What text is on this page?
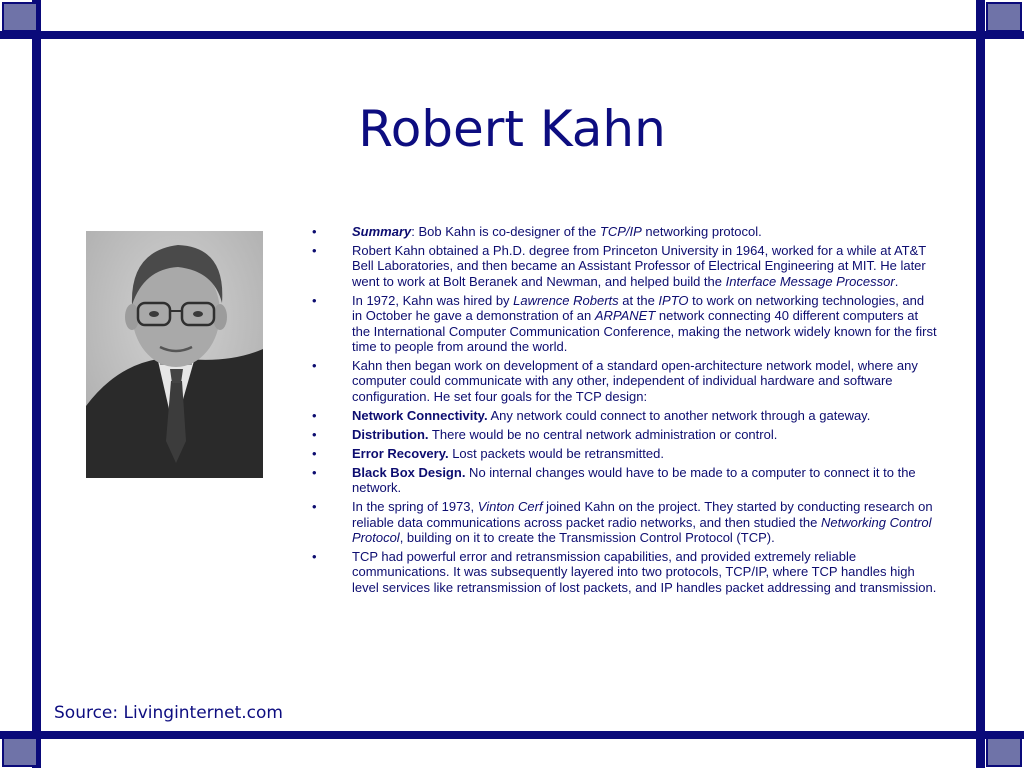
Robert Kahn
• Summary: Bob Kahn is co-designer of the TCP/IP networking protocol.
• Robert Kahn obtained a Ph.D. degree from Princeton University in 1964, worked for a while at AT&T Bell Laboratories, and then became an Assistant Professor of Electrical Engineering at MIT. He later went to work at Bolt Beranek and Newman, and helped build the Interface Message Processor.
• In 1972, Kahn was hired by Lawrence Roberts at the IPTO to work on networking technologies, and in October he gave a demonstration of an ARPANET network connecting 40 different computers at the International Computer Communication Conference, making the network widely known for the first time to people from around the world.
• Kahn then began work on development of a standard open-architecture network model, where any computer could communicate with any other, independent of individual hardware and software configuration. He set four goals for the TCP design:
• Network Connectivity. Any network could connect to another network through a gateway.
• Distribution. There would be no central network administration or control.
• Error Recovery. Lost packets would be retransmitted.
• Black Box Design. No internal changes would have to be made to a computer to connect it to the network.
• In the spring of 1973, Vinton Cerf joined Kahn on the project. They started by conducting research on reliable data communications across packet radio networks, and then studied the Networking Control Protocol, building on it to create the Transmission Control Protocol (TCP).
• TCP had powerful error and retransmission capabilities, and provided extremely reliable communications. It was subsequently layered into two protocols, TCP/IP, where TCP handles high level services like retransmission of lost packets, and IP handles packet addressing and transmission.
Source: Livinginternet.com
